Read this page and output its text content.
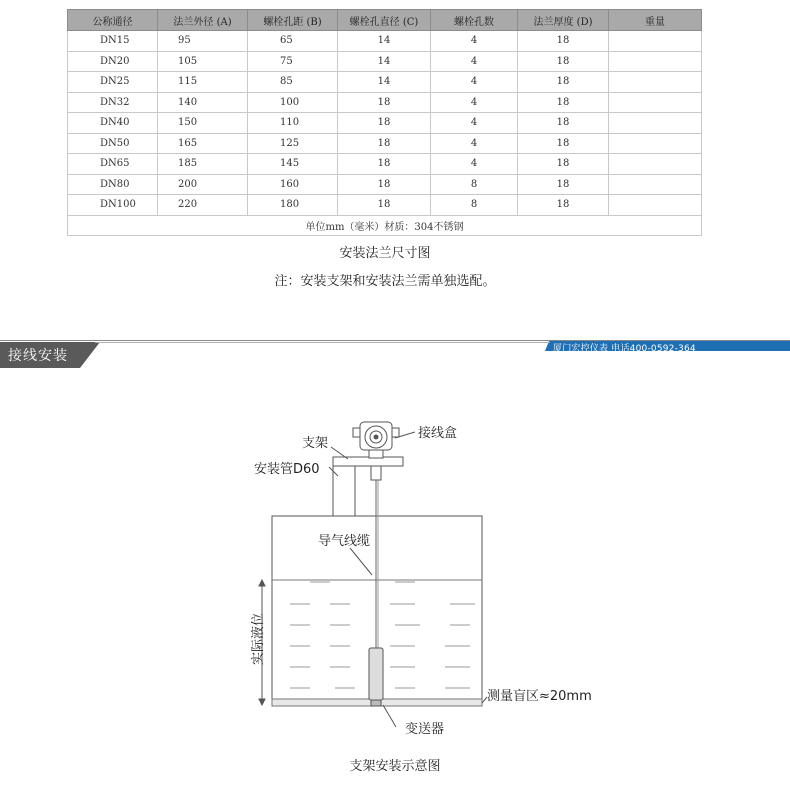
公称通径	法兰外径 (A)	螺栓孔距 (B)	螺栓孔直径 (C)	螺栓孔数	法兰厚度 (D)	重量
DN15	95	65	14	4	18	
DN20	105	75	14	4	18	
DN25	115	85	14	4	18	
DN32	140	100	18	4	18	
DN40	150	110	18	4	18	
DN50	165	125	18	4	18	
DN65	185	145	18	4	18	
DN80	200	160	18	8	18	
DN100	220	180	18	8	18	
单位mm（毫米）材质：304不锈钢						
安装法兰尺寸图
注：安装支架和安装法兰需单独选配。
接线安装	厦门宏控仪表 电话400-0592-364
支架
接线盒
安装管D60
导气线缆
实际液位
测量盲区≈20mm
变送器
支架安装示意图
